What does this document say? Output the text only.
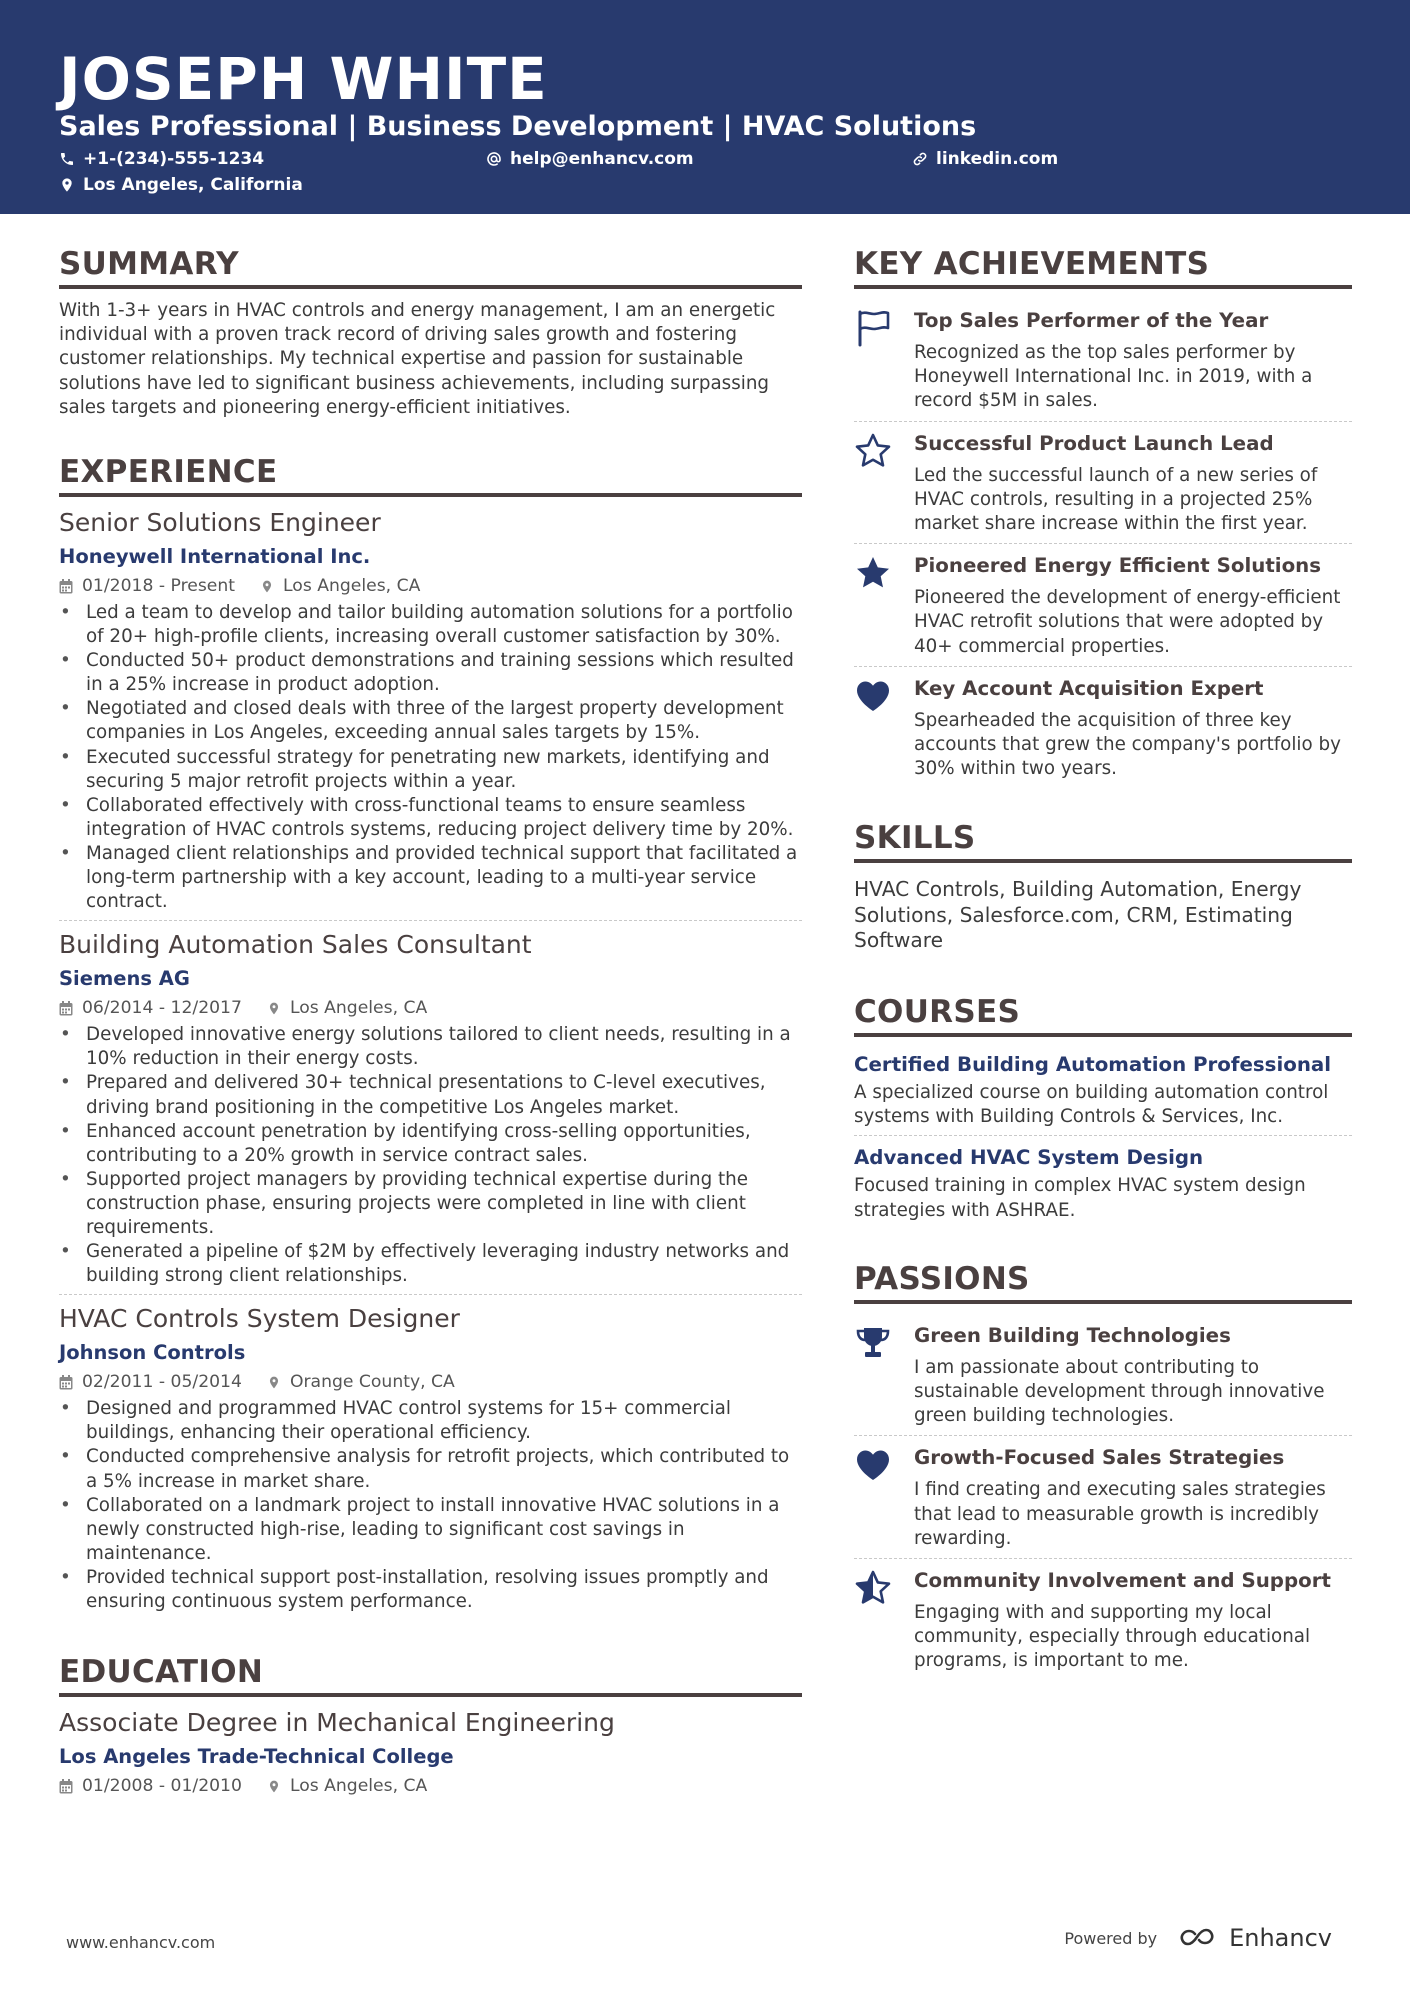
JOSEPH WHITE
Sales Professional | Business Development | HVAC Solutions
+1-(234)-555-1234	help@enhancv.com	linkedin.com
Los Angeles, California
SUMMARY

With 1-3+ years in HVAC controls and energy management, I am an energetic individual with a proven track record of driving sales growth and fostering customer relationships. My technical expertise and passion for sustainable solutions have led to significant business achievements, including surpassing sales targets and pioneering energy-efficient initiatives.

EXPERIENCE
Senior Solutions Engineer
Honeywell International Inc.
01/2018 - Present	Los Angeles, CA
• Led a team to develop and tailor building automation solutions for a portfolio of 20+ high-profile clients, increasing overall customer satisfaction by 30%.
• Conducted 50+ product demonstrations and training sessions which resulted in a 25% increase in product adoption.
• Negotiated and closed deals with three of the largest property development companies in Los Angeles, exceeding annual sales targets by 15%.
• Executed successful strategy for penetrating new markets, identifying and securing 5 major retrofit projects within a year.
• Collaborated effectively with cross-functional teams to ensure seamless integration of HVAC controls systems, reducing project delivery time by 20%.
• Managed client relationships and provided technical support that facilitated a long-term partnership with a key account, leading to a multi-year service contract.
Building Automation Sales Consultant
Siemens AG
06/2014 - 12/2017	Los Angeles, CA
• Developed innovative energy solutions tailored to client needs, resulting in a 10% reduction in their energy costs.
• Prepared and delivered 30+ technical presentations to C-level executives, driving brand positioning in the competitive Los Angeles market.
• Enhanced account penetration by identifying cross-selling opportunities, contributing to a 20% growth in service contract sales.
• Supported project managers by providing technical expertise during the construction phase, ensuring projects were completed in line with client requirements.
• Generated a pipeline of $2M by effectively leveraging industry networks and building strong client relationships.
HVAC Controls System Designer
Johnson Controls
02/2011 - 05/2014	Orange County, CA
• Designed and programmed HVAC control systems for 15+ commercial buildings, enhancing their operational efficiency.
• Conducted comprehensive analysis for retrofit projects, which contributed to a 5% increase in market share.
• Collaborated on a landmark project to install innovative HVAC solutions in a newly constructed high-rise, leading to significant cost savings in maintenance.
• Provided technical support post-installation, resolving issues promptly and ensuring continuous system performance.
EDUCATION
Associate Degree in Mechanical Engineering
Los Angeles Trade-Technical College
01/2008 - 01/2010	Los Angeles, CA
KEY ACHIEVEMENTS
Top Sales Performer of the Year
Recognized as the top sales performer by Honeywell International Inc. in 2019, with a record $5M in sales.
Successful Product Launch Lead
Led the successful launch of a new series of HVAC controls, resulting in a projected 25% market share increase within the first year.
Pioneered Energy Efficient Solutions
Pioneered the development of energy-efficient HVAC retrofit solutions that were adopted by 40+ commercial properties.
Key Account Acquisition Expert
Spearheaded the acquisition of three key accounts that grew the company's portfolio by 30% within two years.
SKILLS
HVAC Controls, Building Automation, Energy Solutions, Salesforce.com, CRM, Estimating Software
COURSES
Certified Building Automation Professional
A specialized course on building automation control systems with Building Controls & Services, Inc.
Advanced HVAC System Design
Focused training in complex HVAC system design strategies with ASHRAE.
PASSIONS
Green Building Technologies
I am passionate about contributing to sustainable development through innovative green building technologies.
Growth-Focused Sales Strategies
I find creating and executing sales strategies that lead to measurable growth is incredibly rewarding.
Community Involvement and Support
Engaging with and supporting my local community, especially through educational programs, is important to me.
www.enhancv.com	Powered by	Enhancv
